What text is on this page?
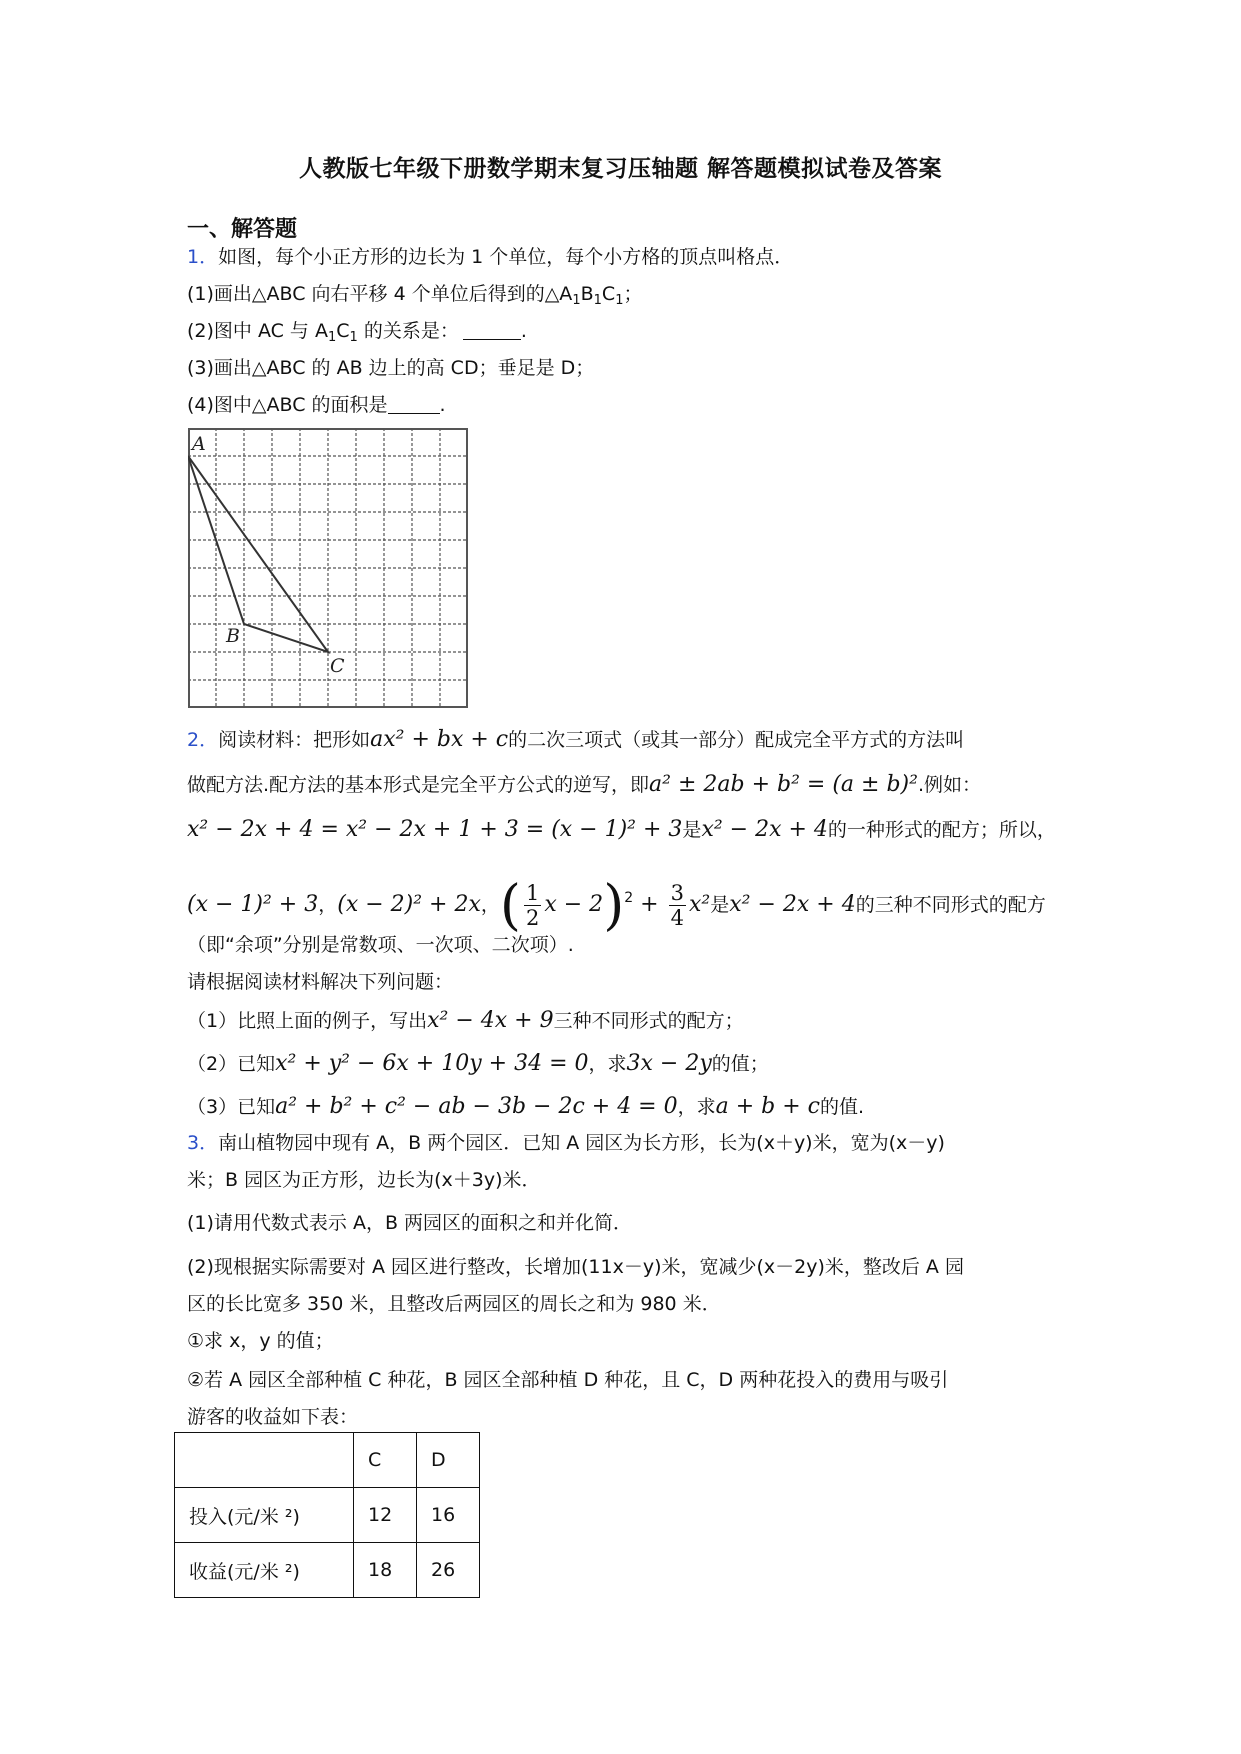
人教版七年级下册数学期末复习压轴题 解答题模拟试卷及答案
一、解答题
1．如图，每个小正方形的边长为 1 个单位，每个小方格的顶点叫格点．
(1)画出△ABC 向右平移 4 个单位后得到的$\triangle A_1B_1C_1$；
(2)图中 AC 与 $A_1C_1$ 的关系是：	.
(3)画出△ABC 的 AB 边上的高 CD；垂足是 D；
(4)图中△ABC 的面积是	.
A
B
C
2．阅读材料：把形如ax² + bx + c的二次三项式（或其一部分）配成完全平方式的方法叫
做配方法.配方法的基本形式是完全平方公式的逆写，即a² ± 2ab + b² = (a ± b)².例如：
x² − 2x + 4 = x² − 2x + 1 + 3 = (x − 1)² + 3是x² − 2x + 4的一种形式的配方；所以，
(x − 1)² + 3，(x − 2)² + 2x，( $\frac{1}{2}$ $x - 2)^2 + \frac{3}{4} x^2$是x² − 2x + 4的三种不同形式的配方
（即“余项”分别是常数项、一次项、二次项）.
请根据阅读材料解决下列问题：
（1）比照上面的例子，写出x² − 4x + 9三种不同形式的配方；
（2）已知x² + y² − 6x + 10y + 34 = 0，求3x − 2y的值；
（3）已知a² + b² + c² − ab − 3b − 2c + 4 = 0，求a + b + c的值.
3．南山植物园中现有 A，B 两个园区．已知 A 园区为长方形，长为(x＋y)米，宽为(x－y)
米；B 园区为正方形，边长为(x＋3y)米．
(1)请用代数式表示 A，B 两园区的面积之和并化简．
(2)现根据实际需要对 A 园区进行整改，长增加(11x－y)米，宽减少(x－2y)米，整改后 A 园
区的长比宽多 350 米，且整改后两园区的周长之和为 980 米．
①求 x，y 的值；
②若 A 园区全部种植 C 种花，B 园区全部种植 D 种花，且 C，D 两种花投入的费用与吸引
游客的收益如下表：
	C	D
投入(元/米 ²)	12	16
收益(元/米 ²)	18	26
